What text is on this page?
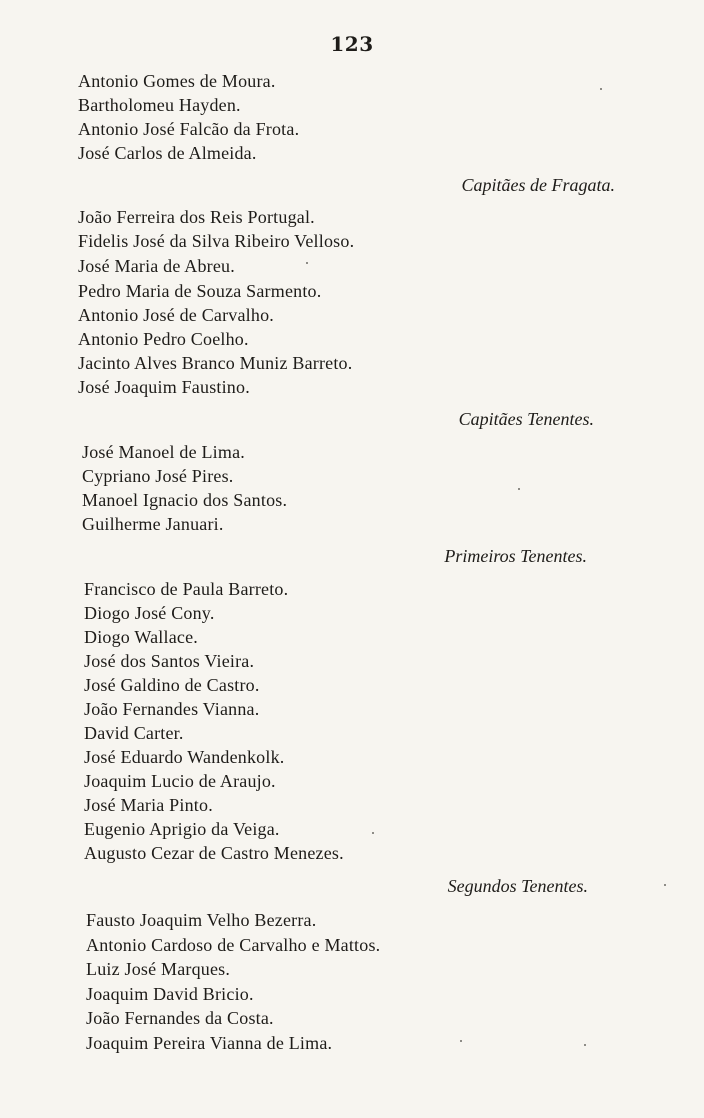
123
Antonio Gomes de Moura.
Bartholomeu Hayden.
Antonio José Falcão da Frota.
José Carlos de Almeida.
Capitães de Fragata.
João Ferreira dos Reis Portugal.
Fidelis José da Silva Ribeiro Velloso.
José Maria de Abreu.
Pedro Maria de Souza Sarmento.
Antonio José de Carvalho.
Antonio Pedro Coelho.
Jacinto Alves Branco Muniz Barreto.
José Joaquim Faustino.
Capitães Tenentes.
José Manoel de Lima.
Cypriano José Pires.
Manoel Ignacio dos Santos.
Guilherme Januari.
Primeiros Tenentes.
Francisco de Paula Barreto.
Diogo José Cony.
Diogo Wallace.
José dos Santos Vieira.
José Galdino de Castro.
João Fernandes Vianna.
David Carter.
José Eduardo Wandenkolk.
Joaquim Lucio de Araujo.
José Maria Pinto.
Eugenio Aprigio da Veiga.
Augusto Cezar de Castro Menezes.
Segundos Tenentes.
Fausto Joaquim Velho Bezerra.
Antonio Cardoso de Carvalho e Mattos.
Luiz José Marques.
Joaquim David Bricio.
João Fernandes da Costa.
Joaquim Pereira Vianna de Lima.
